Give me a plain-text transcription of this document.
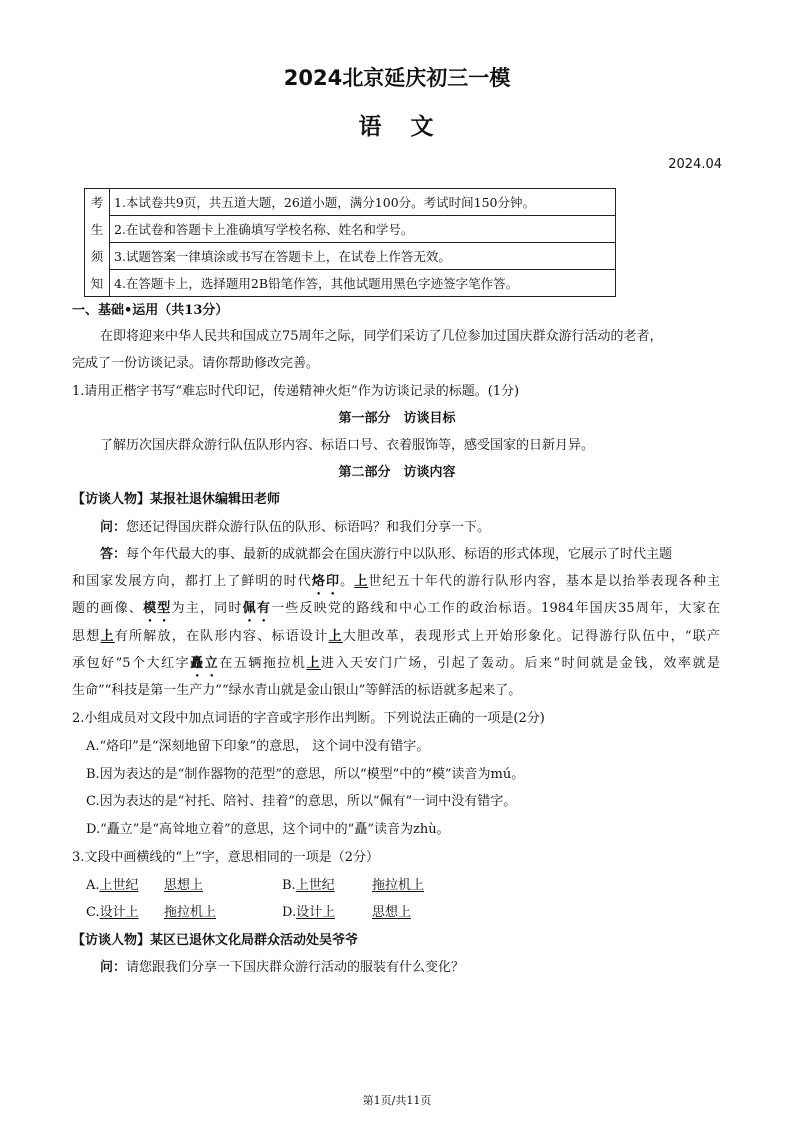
2024北京延庆初三一模
语 文
2024.04
考	1.本试卷共9页，共五道大题，26道小题，满分100分。考试时间150分钟。
生	2.在试卷和答题卡上准确填写学校名称、姓名和学号。
须	3.试题答案一律填涂或书写在答题卡上，在试卷上作答无效。
知	4.在答题卡上，选择题用2B铅笔作答，其他试题用黑色字迹签字笔作答。
一、基础•运用（共13分）
在即将迎来中华人民共和国成立75周年之际，同学们采访了几位参加过国庆群众游行活动的老者，
完成了一份访谈记录。请你帮助修改完善。
1.请用正楷字书写“难忘时代印记，传递精神火炬”作为访谈记录的标题。(1分)
第一部分　访谈目标
了解历次国庆群众游行队伍队形内容、标语口号、衣着服饰等，感受国家的日新月异。
第二部分　访谈内容
【访谈人物】某报社退休编辑田老师
问：您还记得国庆群众游行队伍的队形、标语吗？和我们分享一下。
答：每个年代最大的事、最新的成就都会在国庆游行中以队形、标语的形式体现，它展示了时代主题
和国家发展方向，都打上了鲜明的时代烙印。上世纪五十年代的游行队形内容，基本是以抬举表现各种主
题的画像、模型为主，同时佩有一些反映党的路线和中心工作的政治标语。1984年国庆35周年，大家在
思想上有所解放，在队形内容、标语设计上大胆改革，表现形式上开始形象化。记得游行队伍中，“联产
承包好”5个大红字矗立在五辆拖拉机上进入天安门广场，引起了轰动。后来“时间就是金钱，效率就是
生命”“科技是第一生产力”“绿水青山就是金山银山”等鲜活的标语就多起来了。
2.小组成员对文段中加点词语的字音或字形作出判断。下列说法正确的一项是(2分)
A.“烙印”是“深刻地留下印象”的意思， 这个词中没有错字。
B.因为表达的是“制作器物的范型”的意思，所以“模型”中的“模”读音为mú。
C.因为表达的是“衬托、陪衬、挂着”的意思，所以“佩有”一词中没有错字。
D.“矗立”是“高耸地立着”的意思，这个词中的“矗”读音为zhù。
3.文段中画横线的“上”字，意思相同的一项是（2分）
A.上世纪 思想上	B.上世纪	拖拉机上
C.设计上 拖拉机上	D.设计上	思想上
【访谈人物】某区已退休文化局群众活动处吴爷爷
问：请您跟我们分享一下国庆群众游行活动的服装有什么变化？
第1页/共11页
